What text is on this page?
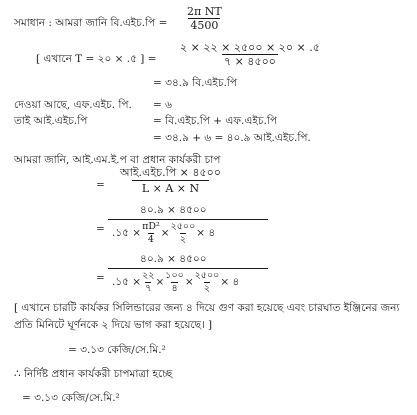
সমাধান : আমরা জানি বি.এইচ.পি = $\frac{\text{2π NT}}{4500}$
[ এখানে T = ২০ × .৫ ] =
২ × ২২ × ২৫০০ × ২০ × .৫
৭ × ৪৫০০
= ৩৪.৯ বি.এইচ.পি
দেওয়া আছে, এফ.এইচ. পি. = ৬
তাই আই.এইচ.পি	= বি.এইচ.পি + এফ.এইচ.পি
= ৩৪.৯ + ৬ = ৪০.৯ আই.এইচ.পি.
আমরা জানি, আই.এম.ই.প বা প্রধান কার্যকরী চাপ
=
আই.এইচ.পি × ৪৫০০
L × A × N
=
৪০.৯ × ৪৫০০
.১৫ × $\frac{\text{πD²}}{4}$ ×
২৫০০
২
× ৪
=
৪০.৯ × ৪৫০০
.১৫ ×
২২
৭
×
১০০
৪
×
২৫০০
২
× ৪
[ এখানে চারটি কার্যকর সিলিন্ডারের জন্য ৪ দিয়ে গুণ করা হয়েছে এবং চারঘাত ইঞ্জিনের জন্য প্রতি মিনিটে ঘূর্ণনকে ২ দিয়ে ভাগ করা হয়েছে। ]
= ৩.১৩ কেজি/সে.মি.²
∴ নির্দিষ্ট প্রধান কার্যকরী চাপমাত্রা হচ্ছে
= ৩.১৩ কেজি/সে.মি.²
